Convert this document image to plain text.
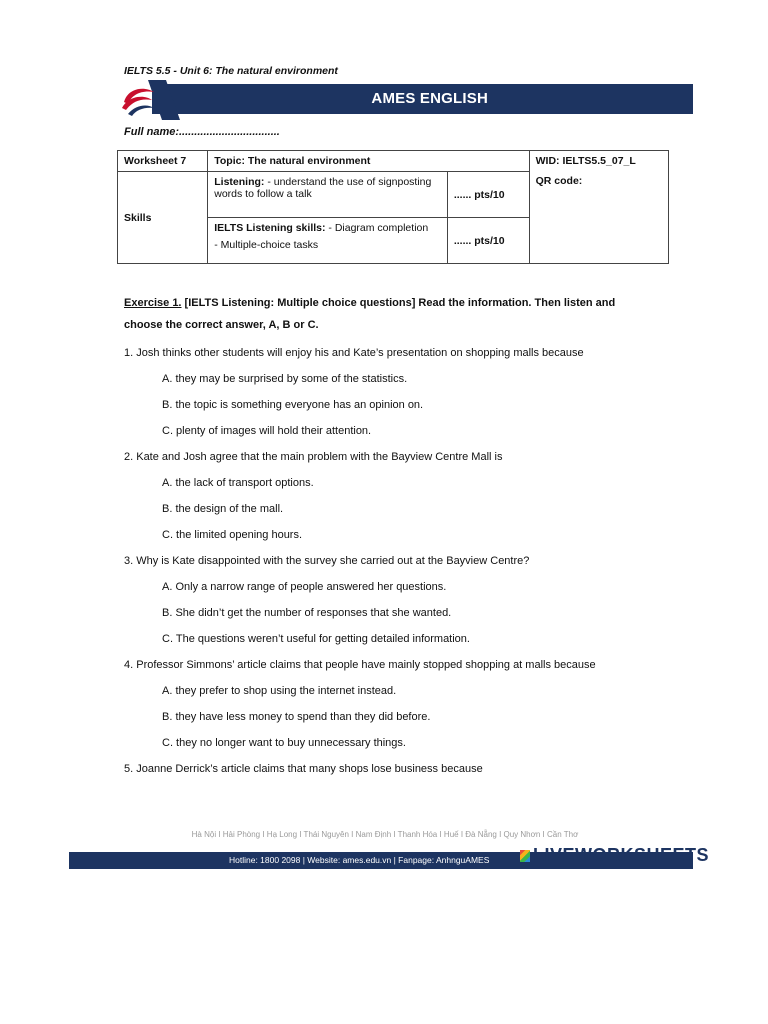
IELTS 5.5 - Unit 6: The natural environment
AMES ENGLISH
Full name:.................................
Worksheet 7	Topic: The natural environment		WID: IELTS5.5_07_L
QR code:

Skills	Listening: - understand the use of signposting words to follow a talk	...... pts/10	

	IELTS Listening skills: - Diagram completion
- Multiple-choice tasks	...... pts/10	

Exercise 1. [IELTS Listening: Multiple choice questions] Read the information. Then listen and choose the correct answer, A, B or C.

1. Josh thinks other students will enjoy his and Kate’s presentation on shopping malls because

A. they may be surprised by some of the statistics.

B. the topic is something everyone has an opinion on.

C. plenty of images will hold their attention.

2. Kate and Josh agree that the main problem with the Bayview Centre Mall is

A. the lack of transport options.

B. the design of the mall.

C. the limited opening hours.

3. Why is Kate disappointed with the survey she carried out at the Bayview Centre?

A. Only a narrow range of people answered her questions.

B. She didn’t get the number of responses that she wanted.

C. The questions weren’t useful for getting detailed information.

4. Professor Simmons’ article claims that people have mainly stopped shopping at malls because

A. they prefer to shop using the internet instead.

B. they have less money to spend than they did before.

C. they no longer want to buy unnecessary things.

5. Joanne Derrick’s article claims that many shops lose business because

Hà Nội I Hải Phòng I Hạ Long I Thái Nguyên I Nam Định I Thanh Hóa I Huế I Đà Nẵng I Quy Nhơn I Cần Thơ
Hotline: 1800 2098 | Website: ames.edu.vn | Fanpage: AnhnguAMES	LIVEWORKSHEETS
